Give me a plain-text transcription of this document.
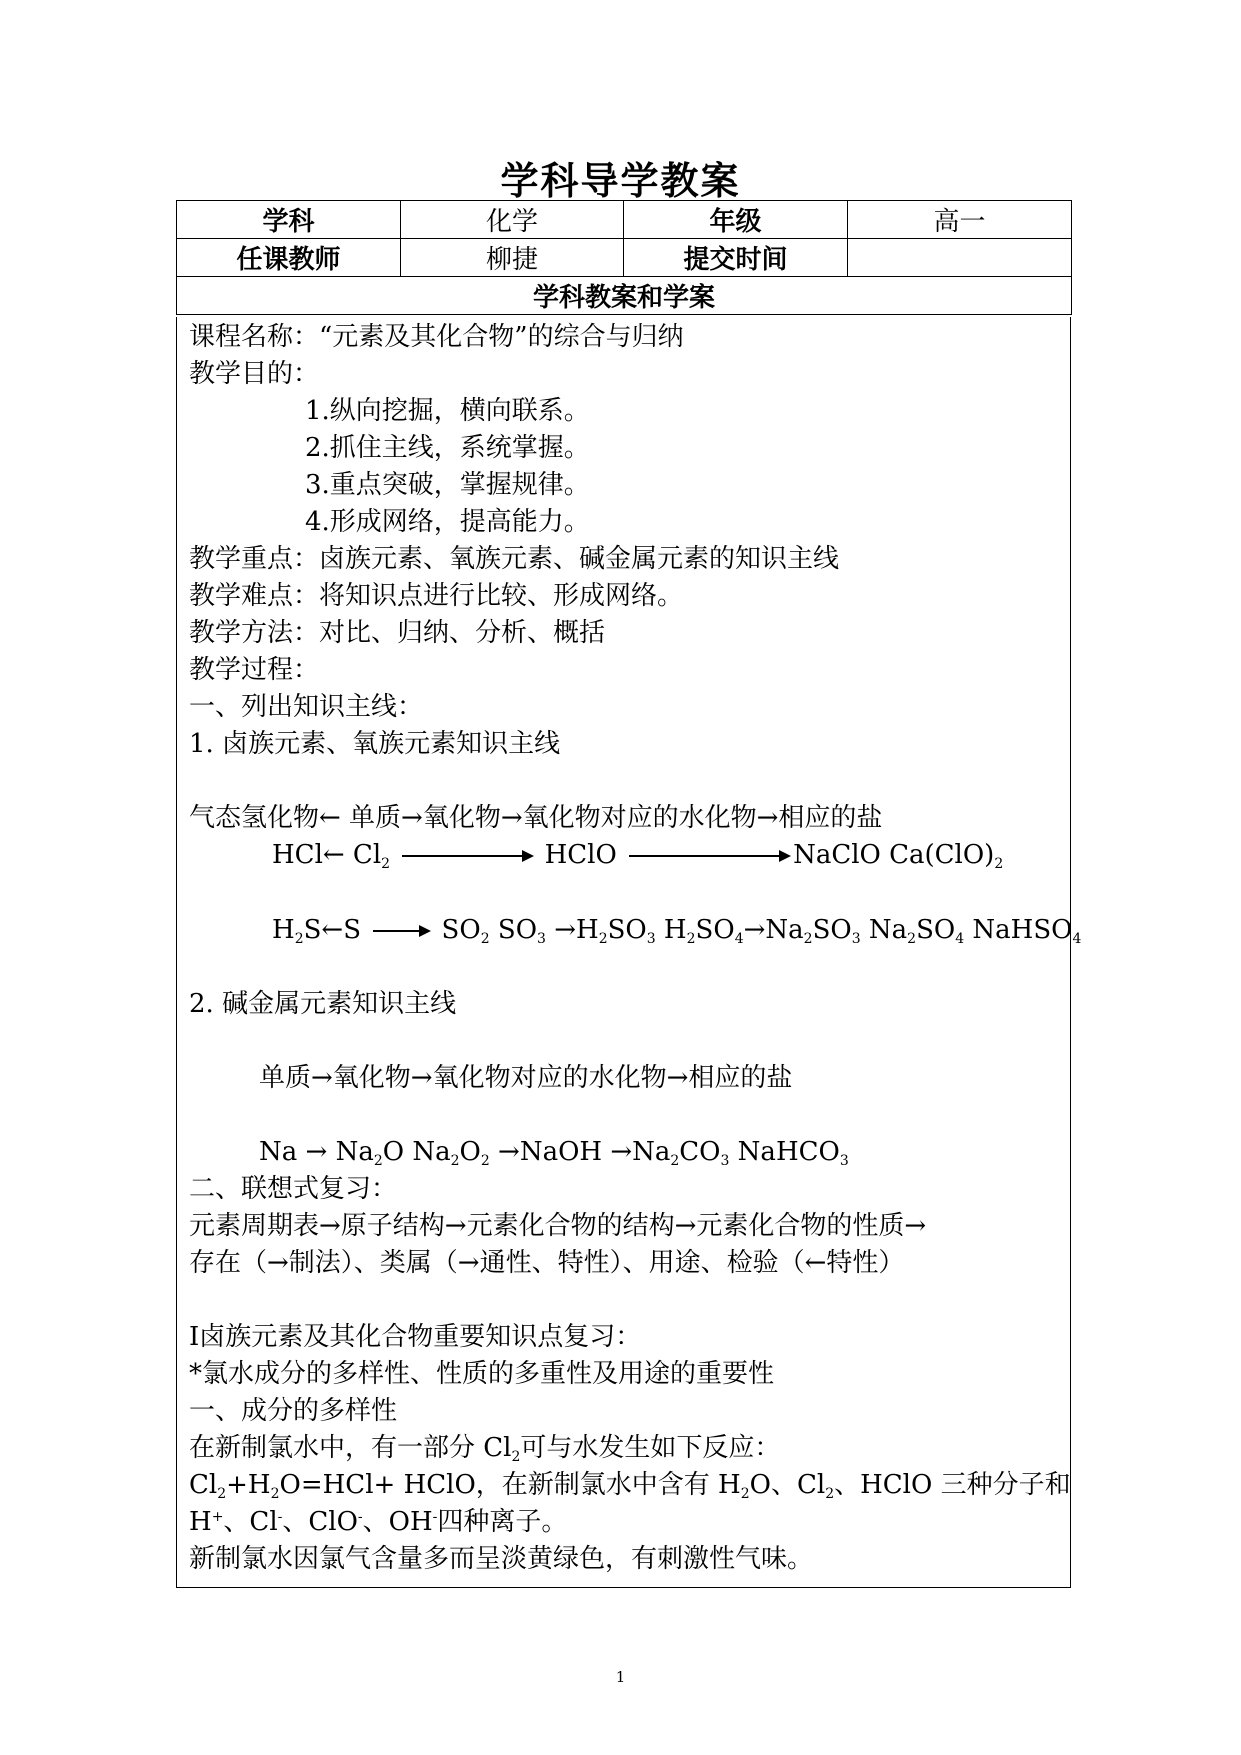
学科导学教案
学科	化学	年级	高一
任课教师	柳捷	提交时间	
学科教案和学案			
课程名称：“元素及其化合物”的综合与归纳
教学目的：
1.纵向挖掘，横向联系。
2.抓住主线，系统掌握。
3.重点突破，掌握规律。
4.形成网络，提高能力。
教学重点：卤族元素、氧族元素、碱金属元素的知识主线
教学难点：将知识点进行比较、形成网络。
教学方法：对比、归纳、分析、概括
教学过程：
一、列出知识主线：
1. 卤族元素、氧族元素知识主线
气态氢化物← 单质→氧化物→氧化物对应的水化物→相应的盐
HCl← $Cl_2$	HClO	NaClO $Ca(ClO)_2$
$H_2S\leftarrow S$  $SO_2$ $SO_3 \to H_2SO_3$ $H_2SO_4\to Na_2SO_3$ $Na_2SO_4$ NaHSO$_4$
2. 碱金属元素知识主线
单质→氧化物→氧化物对应的水化物→相应的盐
$Na \to Na_2O$ $Na_2O_2$ →NaOH $\to Na_2CO_3$ NaHCO$_3$
二、联想式复习：
元素周期表→原子结构→元素化合物的结构→元素化合物的性质→
存在（→制法）、类属（→通性、特性）、用途、检验（←特性）
Ⅰ卤族元素及其化合物重要知识点复习：
*氯水成分的多样性、性质的多重性及用途的重要性
一、成分的多样性
在新制氯水中，有一部分 $Cl_2$可与水发生如下反应：
$Cl_2+H_2O=HCl+$ HClO，在新制氯水中含有 $H_2O$、$Cl_2$、HClO 三种分子和
H+、Cl-、ClO-、OH-四种离子。
新制氯水因氯气含量多而呈淡黄绿色，有刺激性气味。
1
